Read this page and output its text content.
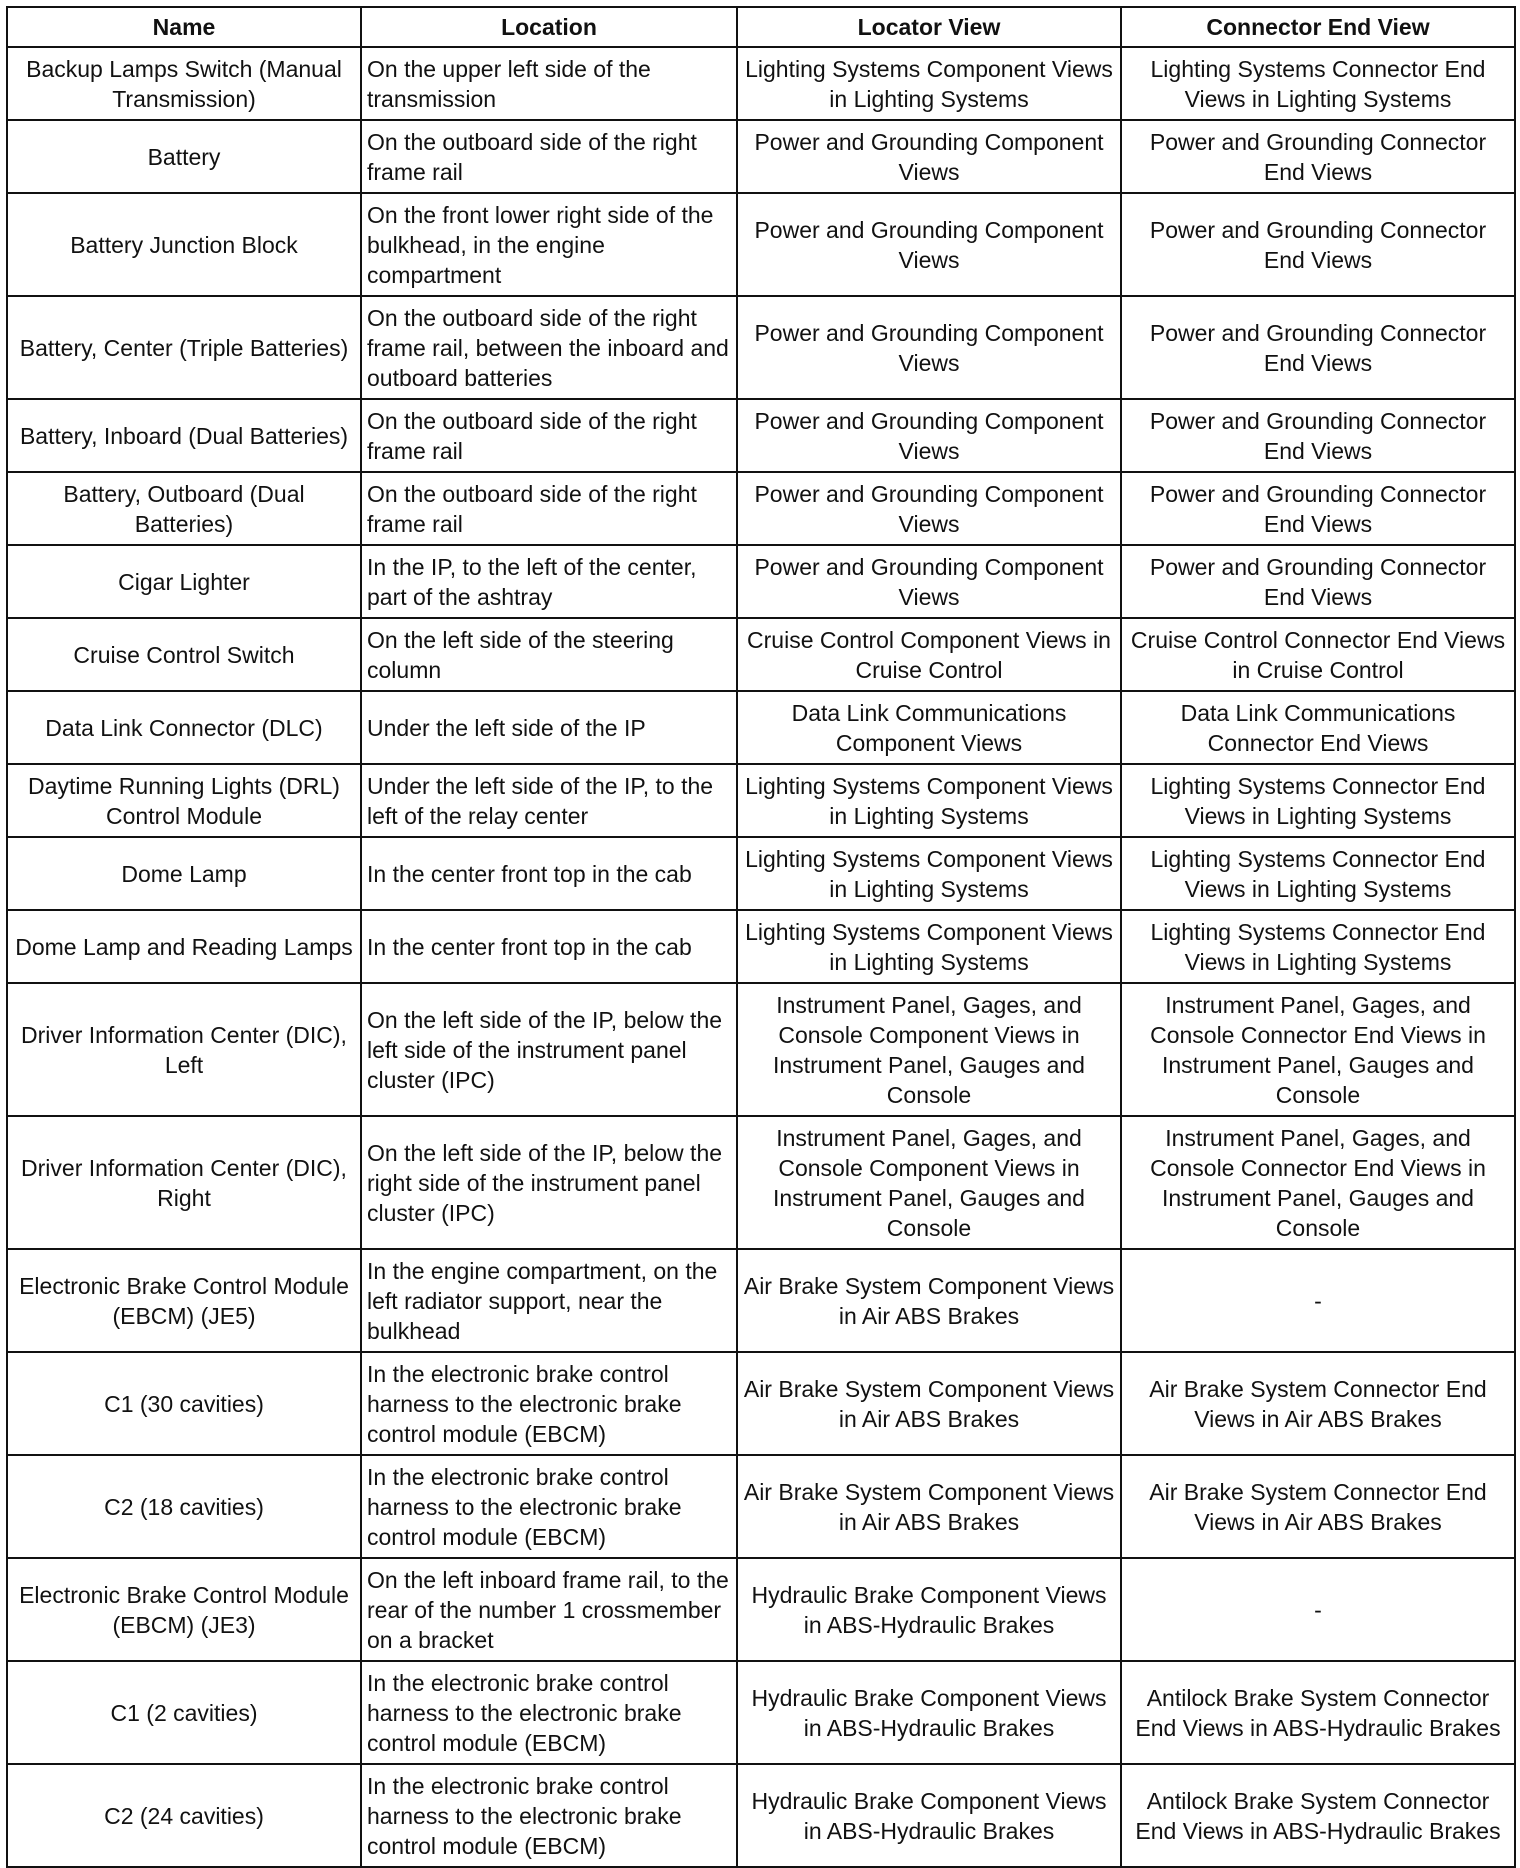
Name	Location	Locator View	Connector End View
Backup Lamps Switch (Manual Transmission)	On the upper left side of the transmission	Lighting Systems Component Views in Lighting Systems	Lighting Systems Connector End Views in Lighting Systems
Battery	On the outboard side of the right frame rail	Power and Grounding Component Views	Power and Grounding Connector End Views
Battery Junction Block	On the front lower right side of the bulkhead, in the engine compartment	Power and Grounding Component Views	Power and Grounding Connector End Views
Battery, Center (Triple Batteries)	On the outboard side of the right frame rail, between the inboard and outboard batteries	Power and Grounding Component Views	Power and Grounding Connector End Views
Battery, Inboard (Dual Batteries)	On the outboard side of the right frame rail	Power and Grounding Component Views	Power and Grounding Connector End Views
Battery, Outboard (Dual Batteries)	On the outboard side of the right frame rail	Power and Grounding Component Views	Power and Grounding Connector End Views
Cigar Lighter	In the IP, to the left of the center, part of the ashtray	Power and Grounding Component Views	Power and Grounding Connector End Views
Cruise Control Switch	On the left side of the steering column	Cruise Control Component Views in Cruise Control	Cruise Control Connector End Views in Cruise Control
Data Link Connector (DLC)	Under the left side of the IP	Data Link Communications Component Views	Data Link Communications Connector End Views
Daytime Running Lights (DRL) Control Module	Under the left side of the IP, to the left of the relay center	Lighting Systems Component Views in Lighting Systems	Lighting Systems Connector End Views in Lighting Systems
Dome Lamp	In the center front top in the cab	Lighting Systems Component Views in Lighting Systems	Lighting Systems Connector End Views in Lighting Systems
Dome Lamp and Reading Lamps	In the center front top in the cab	Lighting Systems Component Views in Lighting Systems	Lighting Systems Connector End Views in Lighting Systems
Driver Information Center (DIC), Left	On the left side of the IP, below the left side of the instrument panel cluster (IPC)	Instrument Panel, Gages, and Console Component Views in Instrument Panel, Gauges and Console	Instrument Panel, Gages, and Console Connector End Views in Instrument Panel, Gauges and Console
Driver Information Center (DIC), Right	On the left side of the IP, below the right side of the instrument panel cluster (IPC)	Instrument Panel, Gages, and Console Component Views in Instrument Panel, Gauges and Console	Instrument Panel, Gages, and Console Connector End Views in Instrument Panel, Gauges and Console
Electronic Brake Control Module (EBCM) (JE5)	In the engine compartment, on the left radiator support, near the bulkhead	Air Brake System Component Views in Air ABS Brakes	-
C1 (30 cavities)	In the electronic brake control harness to the electronic brake control module (EBCM)	Air Brake System Component Views in Air ABS Brakes	Air Brake System Connector End Views in Air ABS Brakes
C2 (18 cavities)	In the electronic brake control harness to the electronic brake control module (EBCM)	Air Brake System Component Views in Air ABS Brakes	Air Brake System Connector End Views in Air ABS Brakes
Electronic Brake Control Module (EBCM) (JE3)	On the left inboard frame rail, to the rear of the number 1 crossmember on a bracket	Hydraulic Brake Component Views in ABS-Hydraulic Brakes	-
C1 (2 cavities)	In the electronic brake control harness to the electronic brake control module (EBCM)	Hydraulic Brake Component Views in ABS-Hydraulic Brakes	Antilock Brake System Connector End Views in ABS-Hydraulic Brakes
C2 (24 cavities)	In the electronic brake control harness to the electronic brake control module (EBCM)	Hydraulic Brake Component Views in ABS-Hydraulic Brakes	Antilock Brake System Connector End Views in ABS-Hydraulic Brakes
